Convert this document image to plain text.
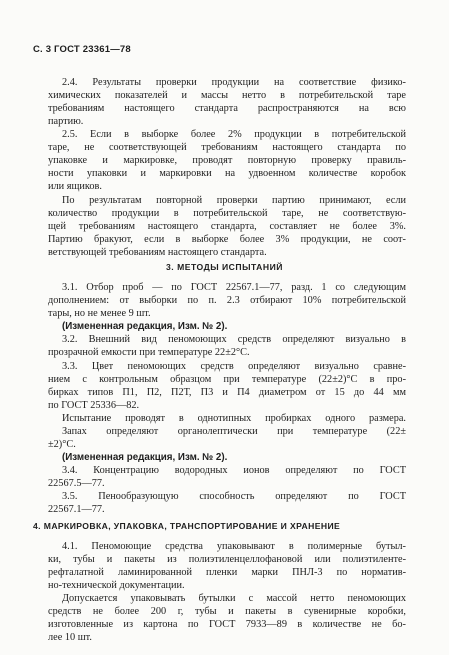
С. 3 ГОСТ 23361—78
2.4. Результаты проверки продукции на соответствие физико-
химических показателей и массы нетто в потребительской таре
требованиям настоящего стандарта распространяются на всю
партию.
2.5. Если в выборке более 2% продукции в потребительской
таре, не соответствующей требованиям настоящего стандарта по
упаковке и маркировке, проводят повторную проверку правиль-
ности упаковки и маркировки на удвоенном количестве коробок
или ящиков.
По результатам повторной проверки партию принимают, если
количество продукции в потребительской таре, не соответствую-
щей требованиям настоящего стандарта, составляет не более 3%.
Партию бракуют, если в выборке более 3% продукции, не соот-
ветствующей требованиям настоящего стандарта.
3. МЕТОДЫ ИСПЫТАНИЙ
3.1. Отбор проб — по ГОСТ 22567.1—77, разд. 1 со следующим
дополнением: от выборки по п. 2.3 отбирают 10% потребительской
тары, но не менее 9 шт.
(Измененная редакция, Изм. № 2).
3.2. Внешний вид пеномоющих средств определяют визуально в
прозрачной емкости при температуре 22±2°С.
3.3. Цвет пеномоющих средств определяют визуально сравне-
нием с контрольным образцом при температуре (22±2)°С в про-
бирках типов П1, П2, П2Т, П3 и П4 диаметром от 15 до 44 мм
по ГОСТ 25336—82.
Испытание проводят в однотипных пробирках одного размера.
Запах определяют органолептически при температуре (22±
±2)°С.
(Измененная редакция, Изм. № 2).
3.4. Концентрацию водородных ионов определяют по ГОСТ
22567.5—77.
3.5. Пенообразующую способность определяют по ГОСТ
22567.1—77.
4. МАРКИРОВКА, УПАКОВКА, ТРАНСПОРТИРОВАНИЕ И ХРАНЕНИЕ
4.1. Пеномоющие средства упаковывают в полимерные бутыл-
ки, тубы и пакеты из полиэтиленцеллофановой или полиэтиленте-
рефталатной ламинированной пленки марки ПНЛ-3 по норматив-
но-технической документации.
Допускается упаковывать бутылки с массой нетто пеномоющих
средств не более 200 г, тубы и пакеты в сувенирные коробки,
изготовленные из картона по ГОСТ 7933—89 в количестве не бо-
лее 10 шт.
